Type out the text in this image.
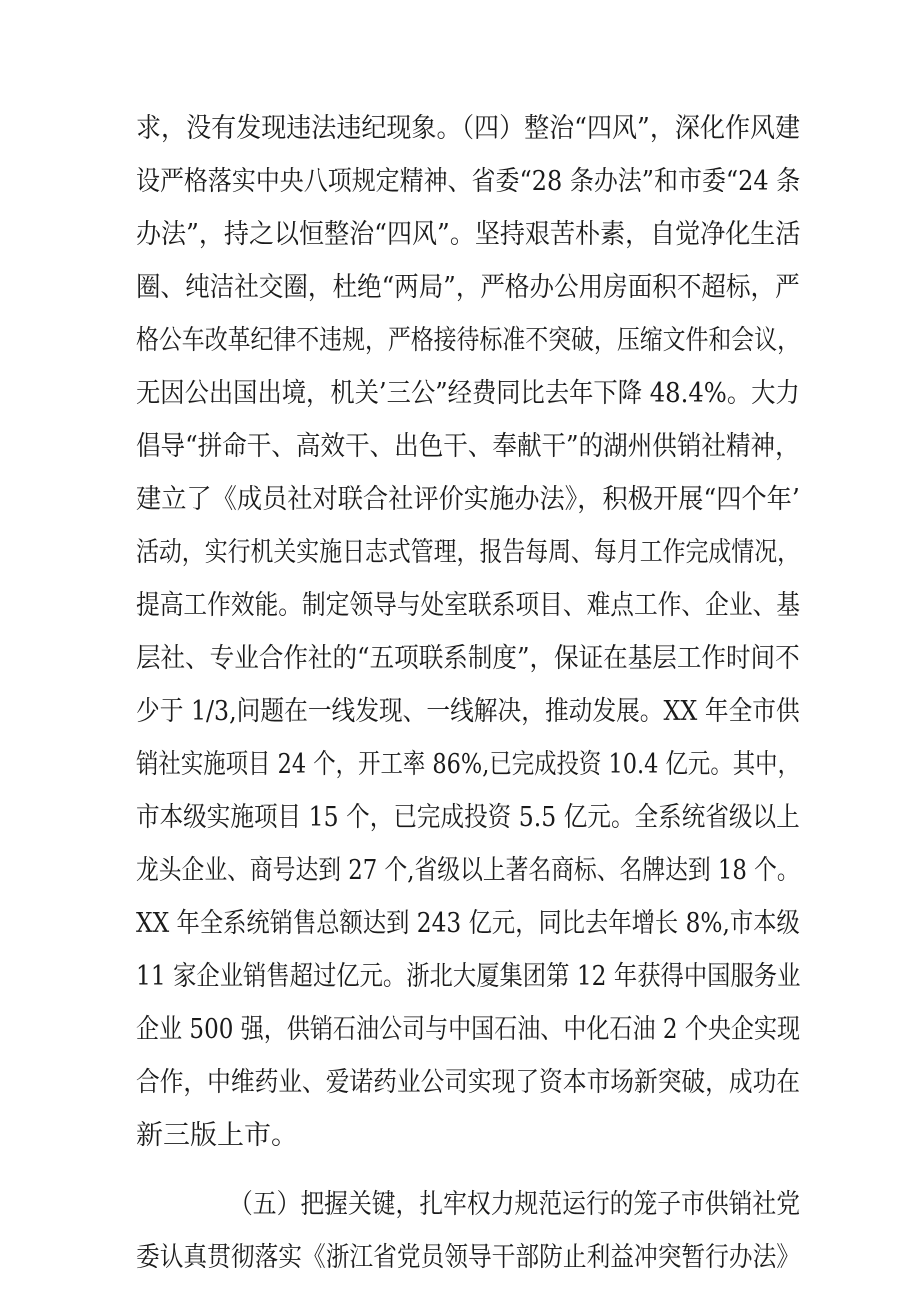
求，没有发现违法违纪现象。（四）整治“四风”，深化作风建
设严格落实中央八项规定精神、省委“28 条办法”和市委“24 条
办法”，持之以恒整治“四风”。坚持艰苦朴素，自觉净化生活
圈、纯洁社交圈，杜绝“两局”，严格办公用房面积不超标，严
格公车改革纪律不违规，严格接待标准不突破，压缩文件和会议，
无因公出国出境，机关’三公”经费同比去年下降 48.4%。大力
倡导“拼命干、高效干、出色干、奉献干”的湖州供销社精神，
建立了《成员社对联合社评价实施办法》，积极开展“四个年’
活动，实行机关实施日志式管理，报告每周、每月工作完成情况，
提高工作效能。制定领导与处室联系项目、难点工作、企业、基
层社、专业合作社的“五项联系制度”，保证在基层工作时间不
少于 1/3,问题在一线发现、一线解决，推动发展。XX 年全市供
销社实施项目 24 个，开工率 86%,已完成投资 10.4 亿元。其中，
市本级实施项目 15 个，已完成投资 5.5 亿元。全系统省级以上
龙头企业、商号达到 27 个,省级以上著名商标、名牌达到 18 个。
XX 年全系统销售总额达到 243 亿元，同比去年增长 8%,市本级
11 家企业销售超过亿元。浙北大厦集团第 12 年获得中国服务业
企业 500 强，供销石油公司与中国石油、中化石油 2 个央企实现
合作，中维药业、爱诺药业公司实现了资本市场新突破，成功在
新三版上市。
（五）把握关键，扎牢权力规范运行的笼子市供销社党
委认真贯彻落实《浙江省党员领导干部防止利益冲突暂行办法》
